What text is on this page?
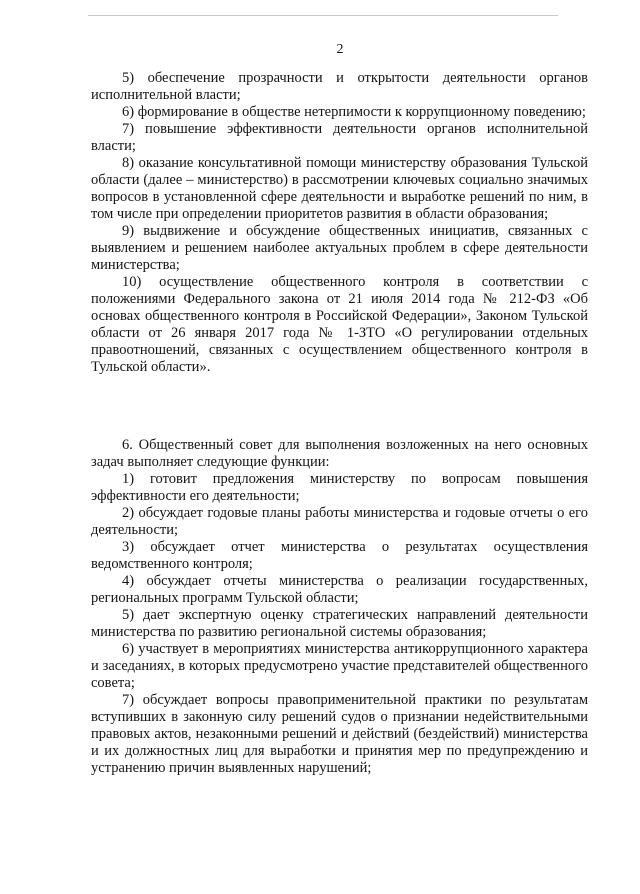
2

5) обеспечение прозрачности и открытости деятельности органов исполнительной власти;

6) формирование в обществе нетерпимости к коррупционному поведению;

7) повышение эффективности деятельности органов исполнительной власти;

8) оказание консультативной помощи министерству образования Тульской области (далее – министерство) в рассмотрении ключевых социально значимых вопросов в установленной сфере деятельности и выработке решений по ним, в том числе при определении приоритетов развития в области образования;

9) выдвижение и обсуждение общественных инициатив, связанных с выявлением и решением наиболее актуальных проблем в сфере деятельности министерства;

10) осуществление общественного контроля в соответствии с положениями Федерального закона от 21 июля 2014 года № 212-ФЗ «Об основах общественного контроля в Российской Федерации», Законом Тульской области от 26 января 2017 года № 1-ЗТО «О регулировании отдельных правоотношений, связанных с осуществлением общественного контроля в Тульской области».

6. Общественный совет для выполнения возложенных на него основных задач выполняет следующие функции:

1) готовит предложения министерству по вопросам повышения эффективности его деятельности;

2) обсуждает годовые планы работы министерства и годовые отчеты о его деятельности;

3) обсуждает отчет министерства о результатах осуществления ведомственного контроля;

4) обсуждает отчеты министерства о реализации государственных, региональных программ Тульской области;

5) дает экспертную оценку стратегических направлений деятельности министерства по развитию региональной системы образования;

6) участвует в мероприятиях министерства антикоррупционного характера и заседаниях, в которых предусмотрено участие представителей общественного совета;

7) обсуждает вопросы правоприменительной практики по результатам вступивших в законную силу решений судов о признании недействительными правовых актов, незаконными решений и действий (бездействий) министерства и их должностных лиц для выработки и принятия мер по предупреждению и устранению причин выявленных нарушений;
